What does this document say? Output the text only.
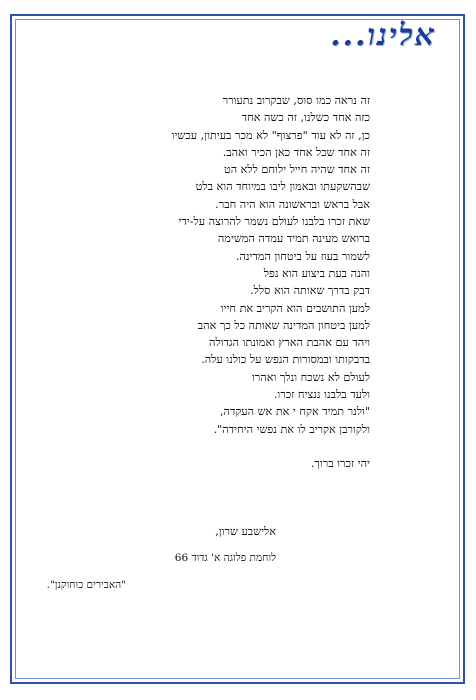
אלינו...
זה נראה כמו סוס, שבקרוב נתעורר
כזה אחד כשלנו, זה כשה אחד
כן, זה לא עוד "פרצוף" לא מכר בעיתון, עכשיו
זה אחד שכל אחד כאן הכיר ואהב.
זה אחד שהיה חייל ילוחם ללא הט
שבהשקעתו ובאמון ליבו במיוחד הוא בלט
אבל בראש ובראשונה הוא היה חבר.
שאת זכרו בלבנו לעולם נשמר להרוצה על-ידי
ברואש מעינה תמיד עמדה המשימה
לשמור בעוז על ביטחון המדינה.
והנה בעת ביצוע הוא נפל
דבק בדרך שאותה הוא סלל.
למען התושבים הוא הקריב את חייו
למען ביטחון המדינה שאותה כל כך אהב
ויהד עם אהבת הארץ ואמונתו הגדולה
בדבקותו ובמסורות הנפש על כולנו עלה.
לעולם לא נשכח ונלך ואהרו
ולעד בלבנו ננציח זכרו.
"ולנר תמיד אקח י את אש העקדה,
ולקורבן אקריב לו את נפשי היחידה".
יהי זכרו ברוך.
אלישבע שרון,
לוחמת פלוגה א' גדוד 66
"האבירים כוחוקנן".
